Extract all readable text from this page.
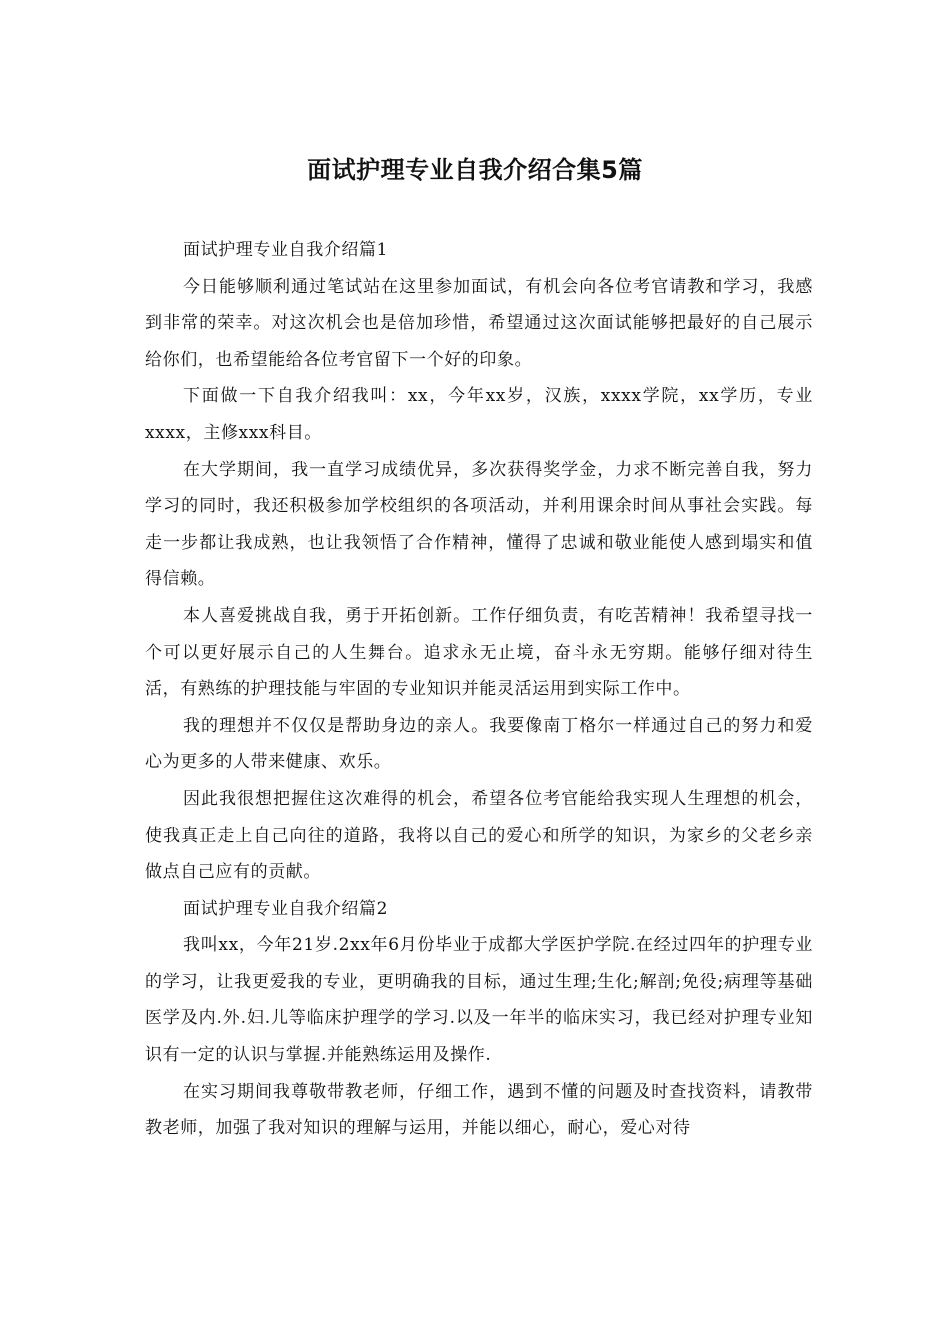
面试护理专业自我介绍合集5篇

面试护理专业自我介绍篇1

今日能够顺利通过笔试站在这里参加面试，有机会向各位考官请教和学习，我感到非常的荣幸。对这次机会也是倍加珍惜，希望通过这次面试能够把最好的自己展示给你们，也希望能给各位考官留下一个好的印象。

下面做一下自我介绍我叫：xx，今年xx岁，汉族，xxxx学院，xx学历，专业xxxx，主修xxx科目。

在大学期间，我一直学习成绩优异，多次获得奖学金，力求不断完善自我，努力学习的同时，我还积极参加学校组织的各项活动，并利用课余时间从事社会实践。每走一步都让我成熟，也让我领悟了合作精神，懂得了忠诚和敬业能使人感到塌实和值得信赖。

本人喜爱挑战自我，勇于开拓创新。工作仔细负责，有吃苦精神！我希望寻找一个可以更好展示自己的人生舞台。追求永无止境，奋斗永无穷期。能够仔细对待生活，有熟练的护理技能与牢固的专业知识并能灵活运用到实际工作中。

我的理想并不仅仅是帮助身边的亲人。我要像南丁格尔一样通过自己的努力和爱心为更多的人带来健康、欢乐。

因此我很想把握住这次难得的机会，希望各位考官能给我实现人生理想的机会，使我真正走上自己向往的道路，我将以自己的爱心和所学的知识，为家乡的父老乡亲做点自己应有的贡献。

面试护理专业自我介绍篇2

我叫xx，今年21岁.2xx年6月份毕业于成都大学医护学院.在经过四年的护理专业的学习，让我更爱我的专业，更明确我的目标，通过生理;生化;解剖;免役;病理等基础医学及内.外.妇.儿等临床护理学的学习.以及一年半的临床实习，我已经对护理专业知识有一定的认识与掌握.并能熟练运用及操作.

在实习期间我尊敬带教老师，仔细工作，遇到不懂的问题及时查找资料，请教带教老师，加强了我对知识的理解与运用，并能以细心，耐心，爱心对待
